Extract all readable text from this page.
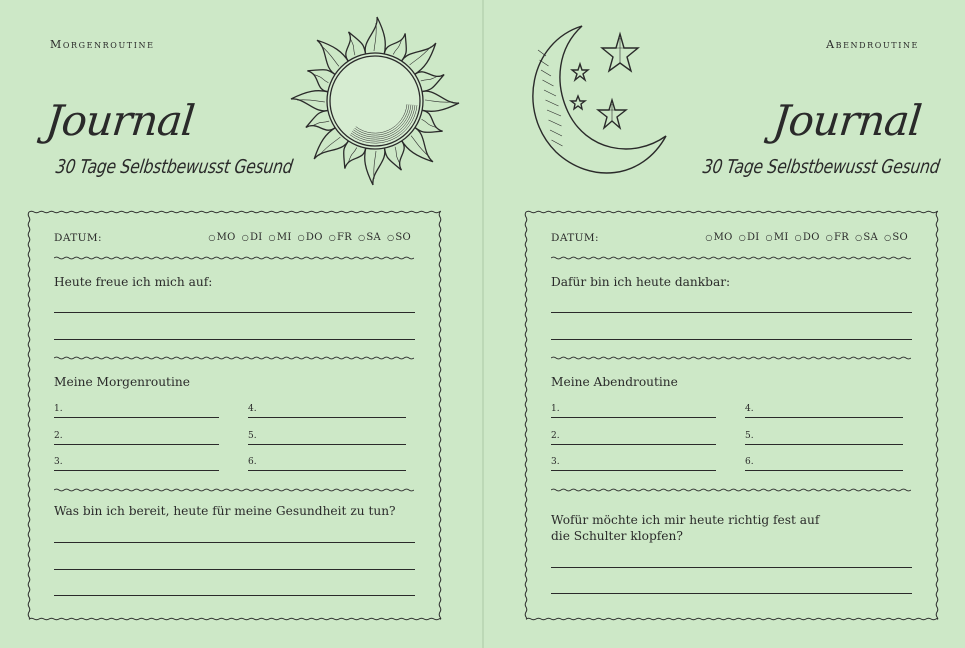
Morgenroutine
Journal
30 Tage Selbstbewusst Gesund
DATUM:	○ MO ○ DI ○ MI ○ DO ○ FR ○ SA ○ SO
Heute freue ich mich auf:
Meine Morgenroutine
1.
2.
3.
4.
5.
6.
Was bin ich bereit, heute für meine Gesundheit zu tun?
Abendroutine
Journal
30 Tage Selbstbewusst Gesund
DATUM:	○ MO ○ DI ○ MI ○ DO ○ FR ○ SA ○ SO
Dafür bin ich heute dankbar:
Meine Abendroutine
1.
2.
3.
4.
5.
6.
Wofür möchte ich mir heute richtig fest auf
die Schulter klopfen?
